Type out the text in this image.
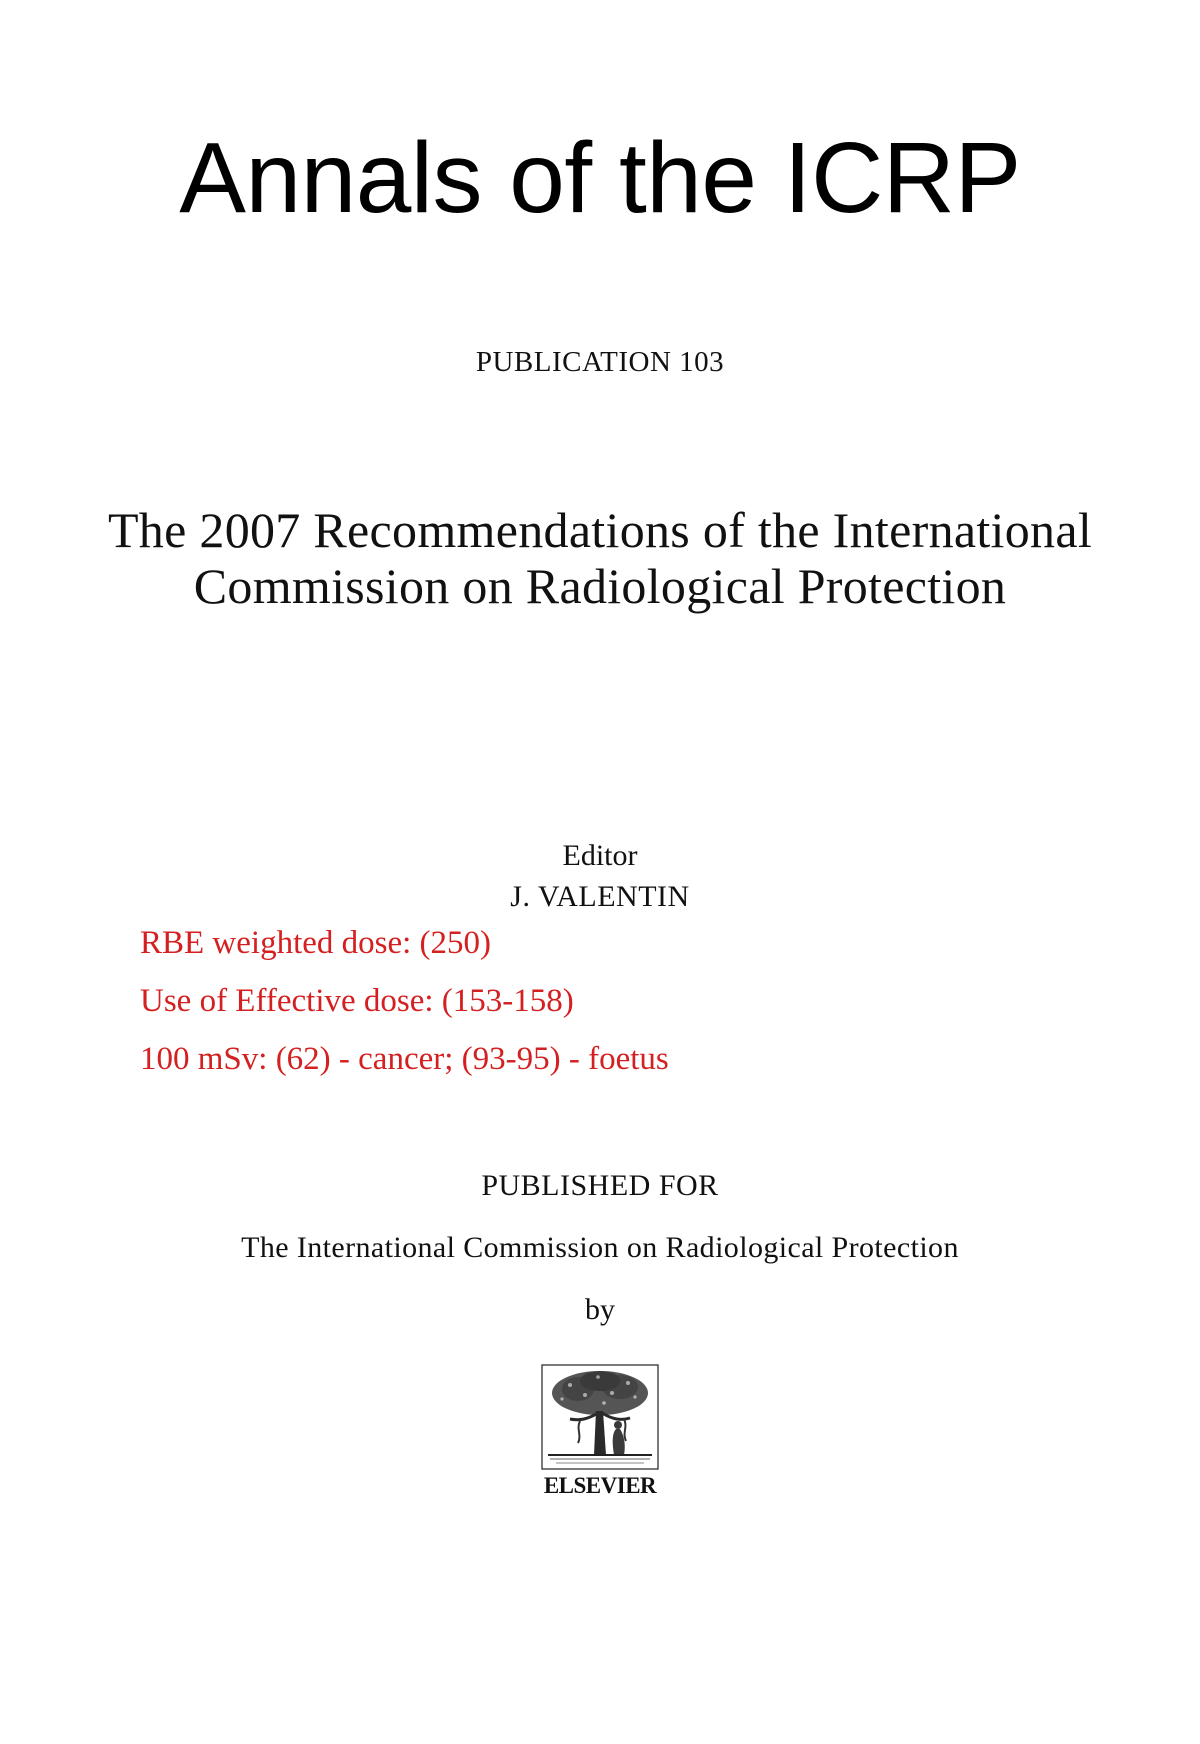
Annals of the ICRP
PUBLICATION 103
The 2007 Recommendations of the International
Commission on Radiological Protection
Editor
J. VALENTIN
RBE weighted dose: (250)
Use of Effective dose: (153-158)
100 mSv: (62) - cancer; (93-95) - foetus
PUBLISHED FOR
The International Commission on Radiological Protection
by
ELSEVIER
